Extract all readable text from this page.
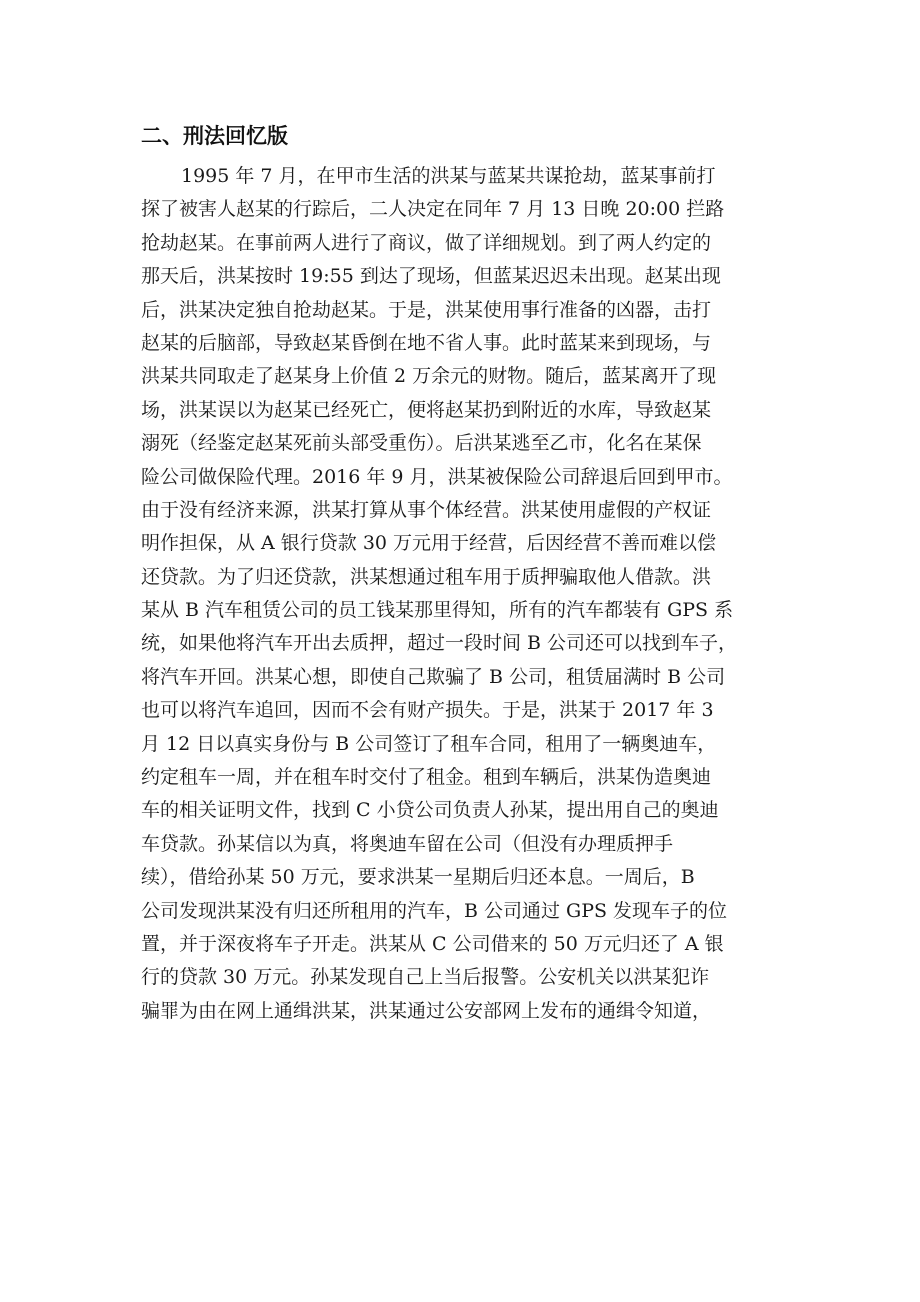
二、刑法回忆版
1995 年 7 月，在甲市生活的洪某与蓝某共谋抢劫，蓝某事前打
探了被害人赵某的行踪后，二人决定在同年 7 月 13 日晚 20:00 拦路
抢劫赵某。在事前两人进行了商议，做了详细规划。到了两人约定的
那天后，洪某按时 19:55 到达了现场，但蓝某迟迟未出现。赵某出现
后，洪某决定独自抢劫赵某。于是，洪某使用事行准备的凶器，击打
赵某的后脑部，导致赵某昏倒在地不省人事。此时蓝某来到现场，与
洪某共同取走了赵某身上价值 2 万余元的财物。随后，蓝某离开了现
场，洪某误以为赵某已经死亡，便将赵某扔到附近的水库，导致赵某
溺死（经鉴定赵某死前头部受重伤）。后洪某逃至乙市，化名在某保
险公司做保险代理。2016 年 9 月，洪某被保险公司辞退后回到甲市。
由于没有经济来源，洪某打算从事个体经营。洪某使用虚假的产权证
明作担保，从 A 银行贷款 30 万元用于经营，后因经营不善而难以偿
还贷款。为了归还贷款，洪某想通过租车用于质押骗取他人借款。洪
某从 B 汽车租赁公司的员工钱某那里得知，所有的汽车都装有 GPS 系
统，如果他将汽车开出去质押，超过一段时间 B 公司还可以找到车子，
将汽车开回。洪某心想，即使自己欺骗了 B 公司，租赁届满时 B 公司
也可以将汽车追回，因而不会有财产损失。于是，洪某于 2017 年 3
月 12 日以真实身份与 B 公司签订了租车合同，租用了一辆奥迪车，
约定租车一周，并在租车时交付了租金。租到车辆后，洪某伪造奥迪
车的相关证明文件，找到 C 小贷公司负责人孙某，提出用自己的奥迪
车贷款。孙某信以为真，将奥迪车留在公司（但没有办理质押手
续），借给孙某 50 万元，要求洪某一星期后归还本息。一周后，B
公司发现洪某没有归还所租用的汽车，B 公司通过 GPS 发现车子的位
置，并于深夜将车子开走。洪某从 C 公司借来的 50 万元归还了 A 银
行的贷款 30 万元。孙某发现自己上当后报警。公安机关以洪某犯诈
骗罪为由在网上通缉洪某，洪某通过公安部网上发布的通缉令知道，
